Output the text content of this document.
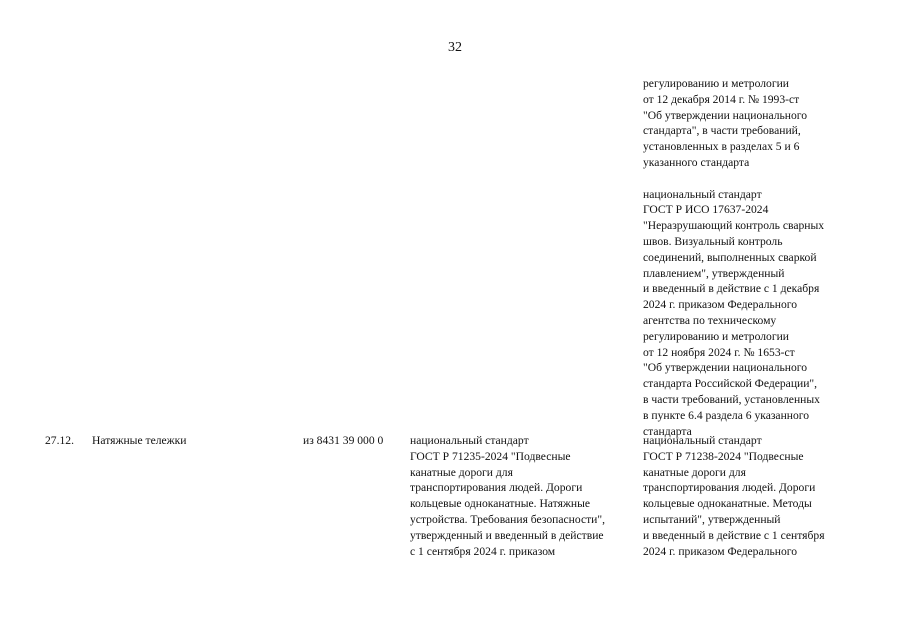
32
регулированию и метрологии
от 12 декабря 2014 г. № 1993-ст
"Об утверждении национального
стандарта", в части требований,
установленных в разделах 5 и 6
указанного стандарта

национальный стандарт
ГОСТ Р ИСО 17637-2024
"Неразрушающий контроль сварных
швов. Визуальный контроль
соединений, выполненных сваркой
плавлением", утвержденный
и введенный в действие с 1 декабря
2024 г. приказом Федерального
агентства по техническому
регулированию и метрологии
от 12 ноября 2024 г. № 1653-ст
"Об утверждении национального
стандарта Российской Федерации",
в части требований, установленных
в пункте 6.4 раздела 6 указанного
стандарта
27.12. Натяжные тележки	из 8431 39 000 0 национальный стандарт
ГОСТ Р 71235-2024 "Подвесные
канатные дороги для
транспортирования людей. Дороги
кольцевые одноканатные. Натяжные
устройства. Требования безопасности",
утвержденный и введенный в действие
с 1 сентября 2024 г. приказом
национальный стандарт
ГОСТ Р 71238-2024 "Подвесные
канатные дороги для
транспортирования людей. Дороги
кольцевые одноканатные. Методы
испытаний", утвержденный
и введенный в действие с 1 сентября
2024 г. приказом Федерального
